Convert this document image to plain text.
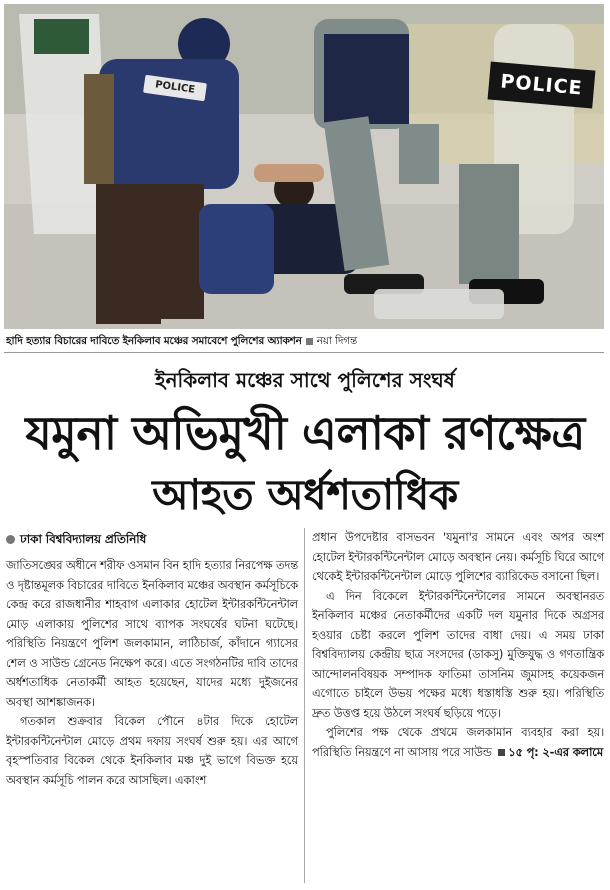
POLICE	POLICE
হাদি হত্যার বিচারের দাবিতে ইনকিলাব মঞ্চের সমাবেশে পুলিশের অ্যাকশন নয়া দিগন্ত
ইনকিলাব মঞ্চের সাথে পুলিশের সংঘর্ষ
যমুনা অভিমুখী এলাকা রণক্ষেত্র
আহত অর্ধশতাধিক
ঢাকা বিশ্ববিদ্যালয় প্রতিনিধি

জাতিসঙ্ঘের অধীনে শরীফ ওসমান বিন হাদি হত্যার নিরপেক্ষ তদন্ত ও দৃষ্টান্তমূলক বিচারের দাবিতে ইনকিলাব মঞ্চের অবস্থান কর্মসূচিকে কেন্দ্র করে রাজধানীর শাহবাগ এলাকার হোটেল ইন্টারকন্টিনেন্টাল মোড় এলাকায় পুলিশের সাথে ব্যাপক সংঘর্ষের ঘটনা ঘটেছে। পরিস্থিতি নিয়ন্ত্রণে পুলিশ জলকামান, লাঠিচার্জ, কাঁদানে গ্যাসের শেল ও সাউন্ড গ্রেনেড নিক্ষেপ করে। এতে সংগঠনটির দাবি তাদের অর্ধশতাধিক নেতাকর্মী আহত হয়েছেন, যাদের মধ্যে দুইজনের অবস্থা আশঙ্কাজনক।

গতকাল শুক্রবার বিকেল পৌনে ৪টার দিকে হোটেল ইন্টারকন্টিনেন্টাল মোড়ে প্রথম দফায় সংঘর্ষ শুরু হয়। এর আগে বৃহস্পতিবার বিকেল থেকে ইনকিলাব মঞ্চ দুই ভাগে বিভক্ত হয়ে অবস্থান কর্মসূচি পালন করে আসছিল। একাংশ

প্রধান উপদেষ্টার বাসভবন 'যমুনা'র সামনে এবং অপর অংশ হোটেল ইন্টারকন্টিনেন্টাল মোড়ে অবস্থান নেয়। কর্মসূচি ঘিরে আগে থেকেই ইন্টারকন্টিনেন্টাল মোড়ে পুলিশের ব্যারিকেড বসানো ছিল।

এ দিন বিকেলে ইন্টারকন্টিনেন্টালের সামনে অবস্থানরত ইনকিলাব মঞ্চের নেতাকর্মীদের একটি দল যমুনার দিকে অগ্রসর হওয়ার চেষ্টা করলে পুলিশ তাদের বাধা দেয়। এ সময় ঢাকা বিশ্ববিদ্যালয় কেন্দ্রীয় ছাত্র সংসদের (ডাকসু) মুক্তিযুদ্ধ ও গণতান্ত্রিক আন্দোলনবিষয়ক সম্পাদক ফাতিমা তাসনিম জুমাসহ কয়েকজন এগোতে চাইলে উভয় পক্ষের মধ্যে ধস্তাধস্তি শুরু হয়। পরিস্থিতি দ্রুত উত্তপ্ত হয়ে উঠলে সংঘর্ষ ছড়িয়ে পড়ে।

পুলিশের পক্ষ থেকে প্রথমে জলকামান ব্যবহার করা হয়। পরিস্থিতি নিয়ন্ত্রণে না আসায় পরে সাউন্ড ১৫ পৃ: ২-এর কলামে
